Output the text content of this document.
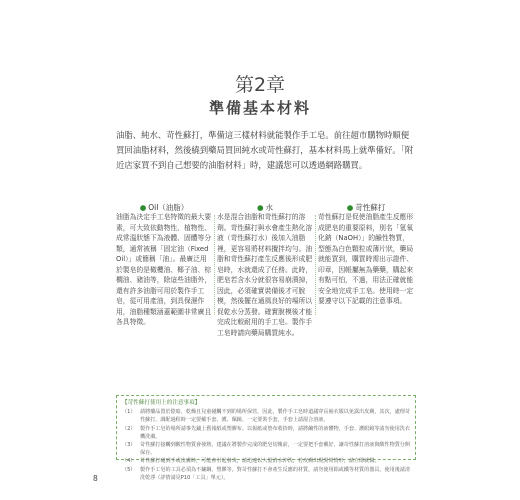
第2章
準備基本材料
油脂、純水、苛性蘇打，準備這三樣材料就能製作手工皂。前往超市購物時順便買回油脂材料，然後繞到藥局買回純水或苛性蘇打，基本材料馬上就準備好。「附近店家買不到自己想要的油脂材料」時，建議您可以透過網路購買。
● Oil（油脂）	● 水	● 苛性蘇打
油脂為決定手工皂特徵的最大要素，可大致依動物性、植物性、成常溫狀態下為液體、固體等分類，通常被稱「固定油（Fixed Oil）」或簡稱「油」。最廣泛用於製皂的是橄欖油、椰子油、棕櫚油、豬油等，除這些油脂外，還有許多油脂可用於製作手工皂，從可用產油，到具保濕作用，油脂種類涵蓋範圍非常廣且各具特徵。
水是混合油脂和苛性蘇打的溶劑。苛性蘇打與水會產生熱化溶液（苛性蘇打水）後加入油脂裡，更容易將材料攪拌均勻。油脂和苛性蘇打產生反應後形成肥皂時，水就還成了任務。此時，肥皂若含水分就很容易崩潰掉，因此，必須確實裝備後才可脫模，然後擺在通風良好的場所以促乾水分蒸發。確實脫模後才能完成比較耐用的手工皂。製作手工皂時請向藥局購買純水。
苛性蘇打是促使油脂產生反應形成肥皂的重要原料，別名「氫氧化鈉（NaOH）」的鹼性物質，型態為白色顆粒或薄片狀，藥局就能買到，購買時需出示證件、印章，因帳屬無為藥藥，購起來有點可怕，不過，用法正確就能安全地完成手工皂。使用時一定要遵守以下記載的注意事項。
【苛性蘇打使用上的注意事項】
（1） 請將藥品置於陰暗、乾燥且兒童碰觸不到的場所保管，因此，製作手工皂時道議穿長袖衣服以免露出皮膚，其次，處理苛性蘇打，調配過程時一定要戴手套、護、佩鏡、一定要裝手套，手套上請混合溶液。
（2） 製作手工皂的場所請事先鋪上舊報紙或塑膠布。以報紙或墊布收拾時，請將鹼性的液體物，手套、護眼鏡等請勿使用洗衣機洗滌。
（3） 苛性蘇打接觸到酸性物質會發熱，建議在將製作完成的肥皂切塊前，一定要把手套戴好，讓苛性蘇打溶液與酸性物質分開保存。
（4） 苛性蘇打碰到手或皮膚時，可能會引起發炎，請迅速以大量清水沖洗，若皮膚出現異常情形，請立即就醫。
（5） 製作手工皂的工具必須為不鏽鋼、塑膠等，對苛性蘇打不會產生反應的材質，請勿使用鋁或鐵等材質的器具，使用後請清洗乾淨（詳情請見P10「工具」單元）。
8
